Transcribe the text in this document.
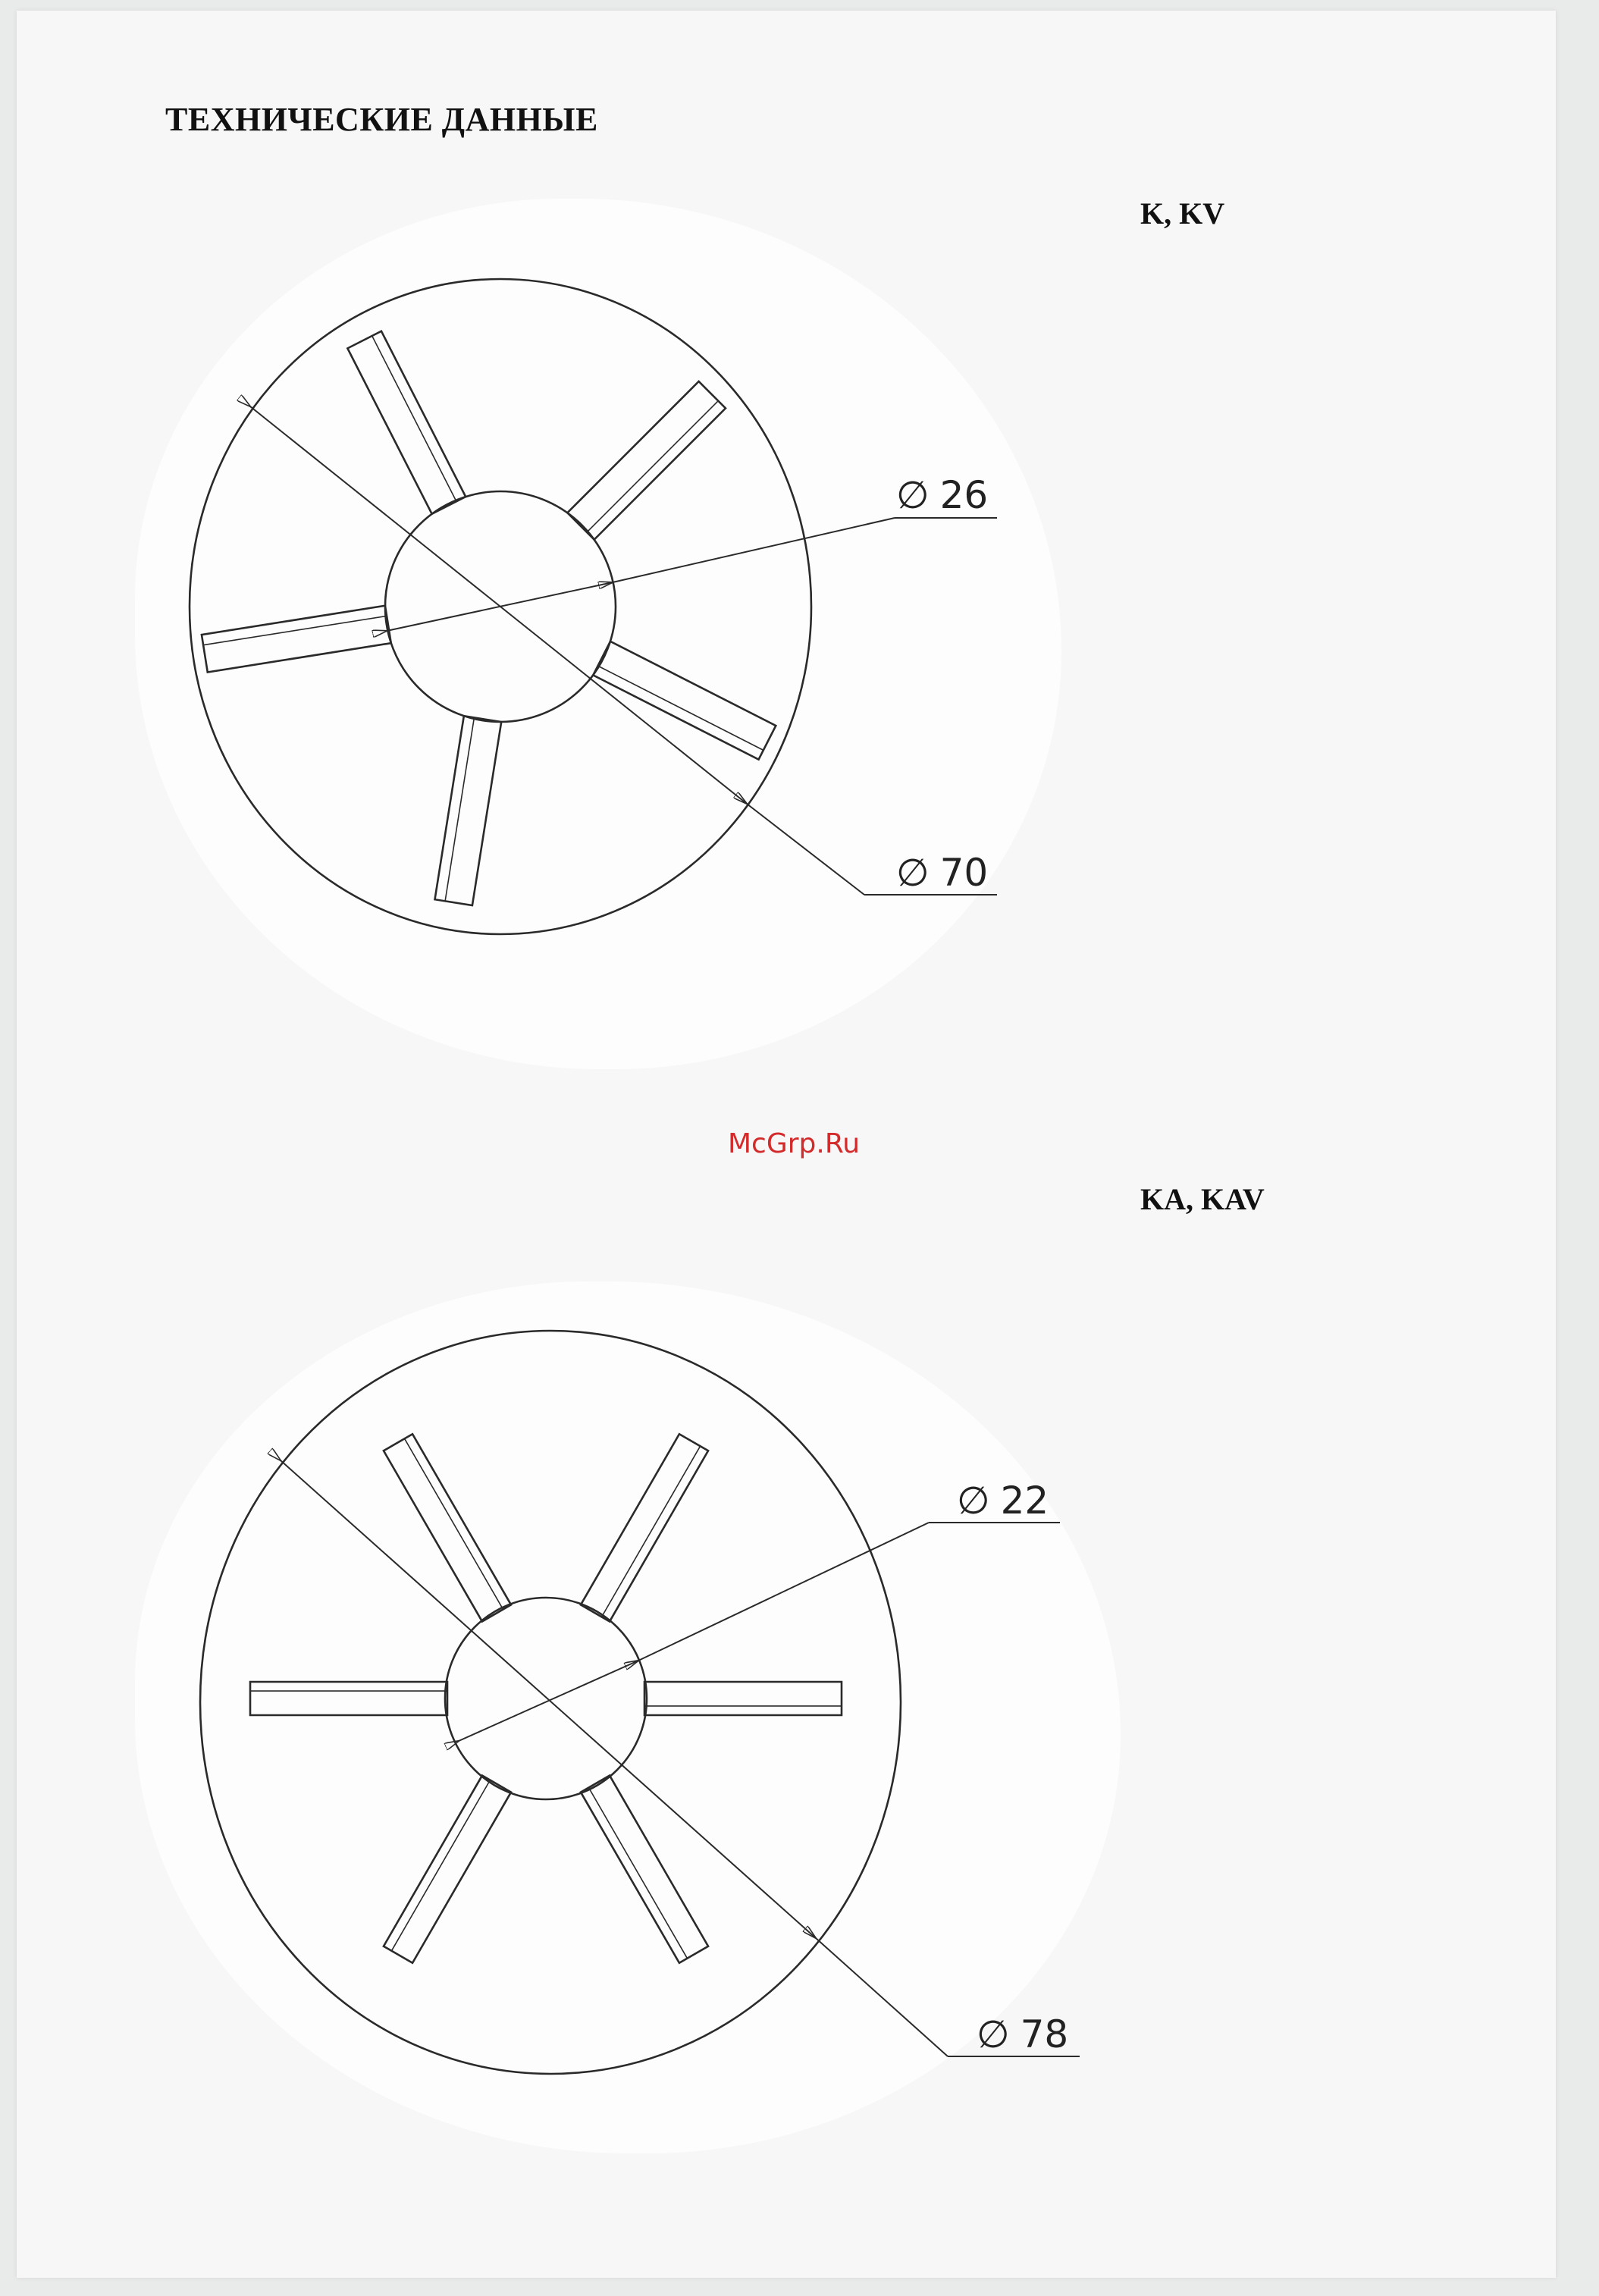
ТЕХНИЧЕСКИЕ ДАННЫЕ
K, KV
KA, KAV
McGrp.Ru
∅ 26
∅ 70
∅ 22
∅ 78
